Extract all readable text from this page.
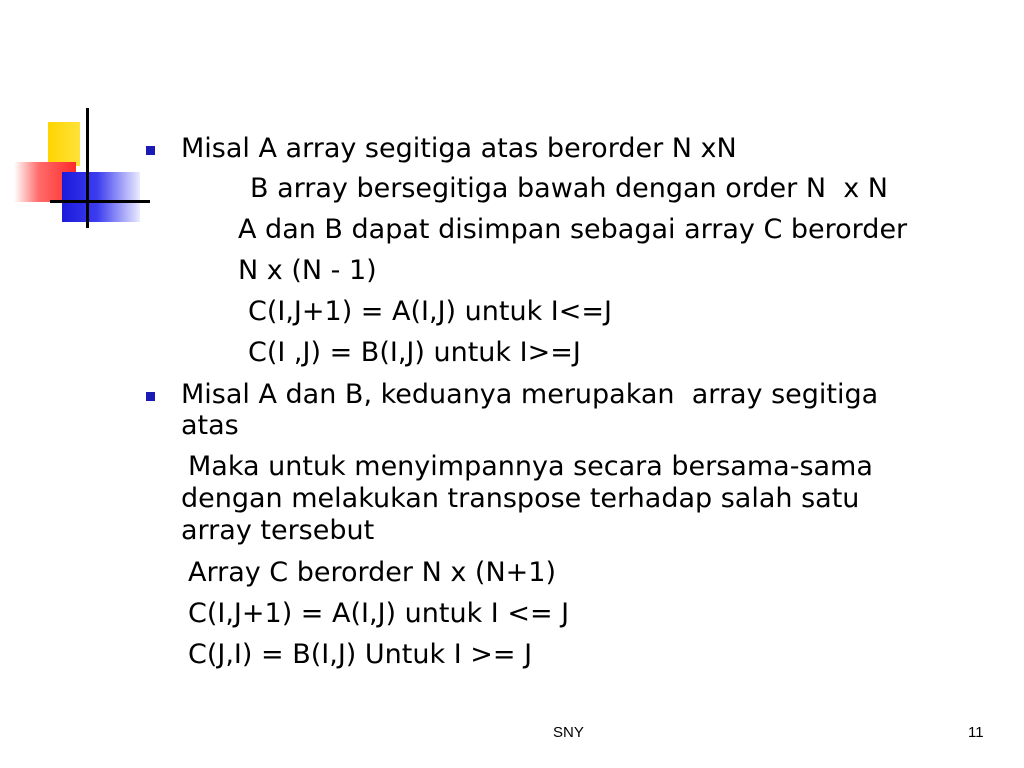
Misal A array segitiga atas berorder N xN
B array bersegitiga bawah dengan order N  x N
A dan B dapat disimpan sebagai array C berorder
N x (N - 1)
C(I,J+1) = A(I,J) untuk I<=J
C(I ,J) = B(I,J) untuk I>=J
Misal A dan B, keduanya merupakan  array segitiga
atas
Maka untuk menyimpannya secara bersama-sama
dengan melakukan transpose terhadap salah satu
array tersebut
Array C berorder N x (N+1)
C(I,J+1) = A(I,J) untuk I <= J
C(J,I) = B(I,J) Untuk I >= J
SNY	11
